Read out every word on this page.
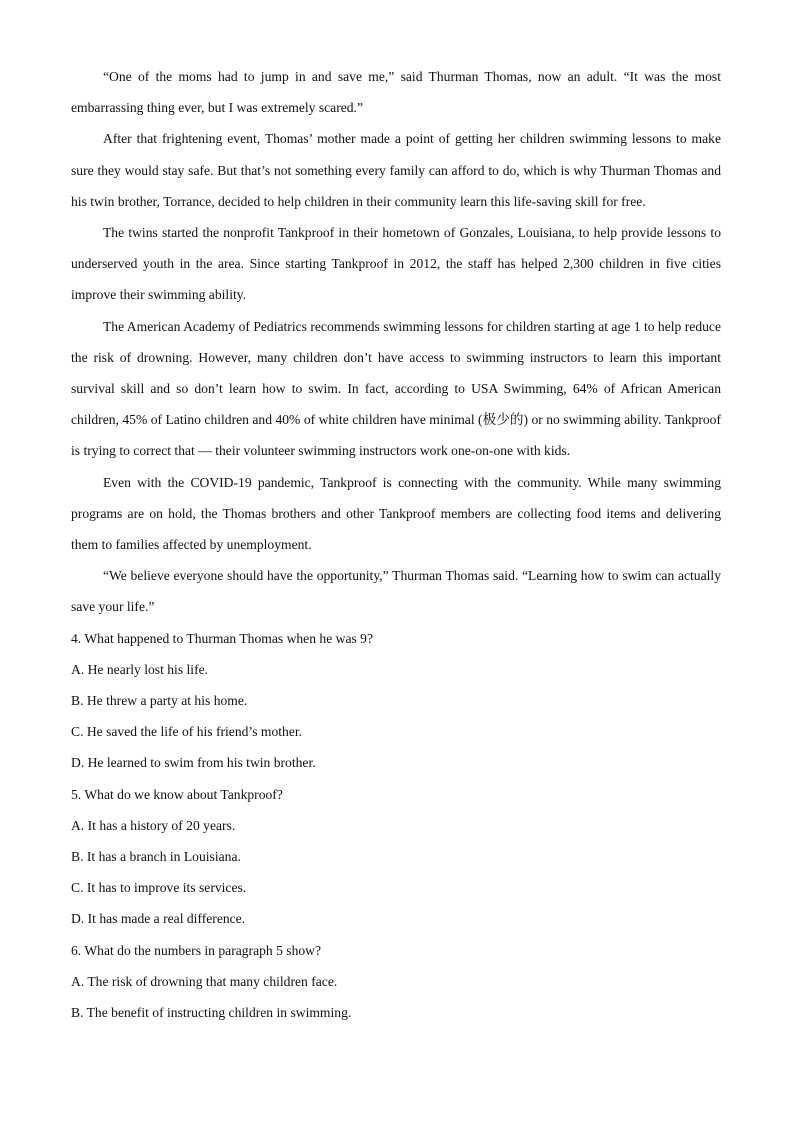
“One of the moms had to jump in and save me,” said Thurman Thomas, now an adult. “It was the most embarrassing thing ever, but I was extremely scared.”

After that frightening event, Thomas’ mother made a point of getting her children swimming lessons to make sure they would stay safe. But that’s not something every family can afford to do, which is why Thurman Thomas and his twin brother, Torrance, decided to help children in their community learn this life-saving skill for free.

The twins started the nonprofit Tankproof in their hometown of Gonzales, Louisiana, to help provide lessons to underserved youth in the area. Since starting Tankproof in 2012, the staff has helped 2,300 children in five cities improve their swimming ability.

The American Academy of Pediatrics recommends swimming lessons for children starting at age 1 to help reduce the risk of drowning. However, many children don’t have access to swimming instructors to learn this important survival skill and so don’t learn how to swim. In fact, according to USA Swimming, 64% of African American children, 45% of Latino children and 40% of white children have minimal (极少的) or no swimming ability. Tankproof is trying to correct that — their volunteer swimming instructors work one-on-one with kids.

Even with the COVID-19 pandemic, Tankproof is connecting with the community. While many swimming programs are on hold, the Thomas brothers and other Tankproof members are collecting food items and delivering them to families affected by unemployment.

“We believe everyone should have the opportunity,” Thurman Thomas said. “Learning how to swim can actually save your life.”

4. What happened to Thurman Thomas when he was 9?

A. He nearly lost his life.

B. He threw a party at his home.

C. He saved the life of his friend’s mother.

D. He learned to swim from his twin brother.

5. What do we know about Tankproof?

A. It has a history of 20 years.

B. It has a branch in Louisiana.

C. It has to improve its services.

D. It has made a real difference.

6. What do the numbers in paragraph 5 show?

A. The risk of drowning that many children face.

B. The benefit of instructing children in swimming.
